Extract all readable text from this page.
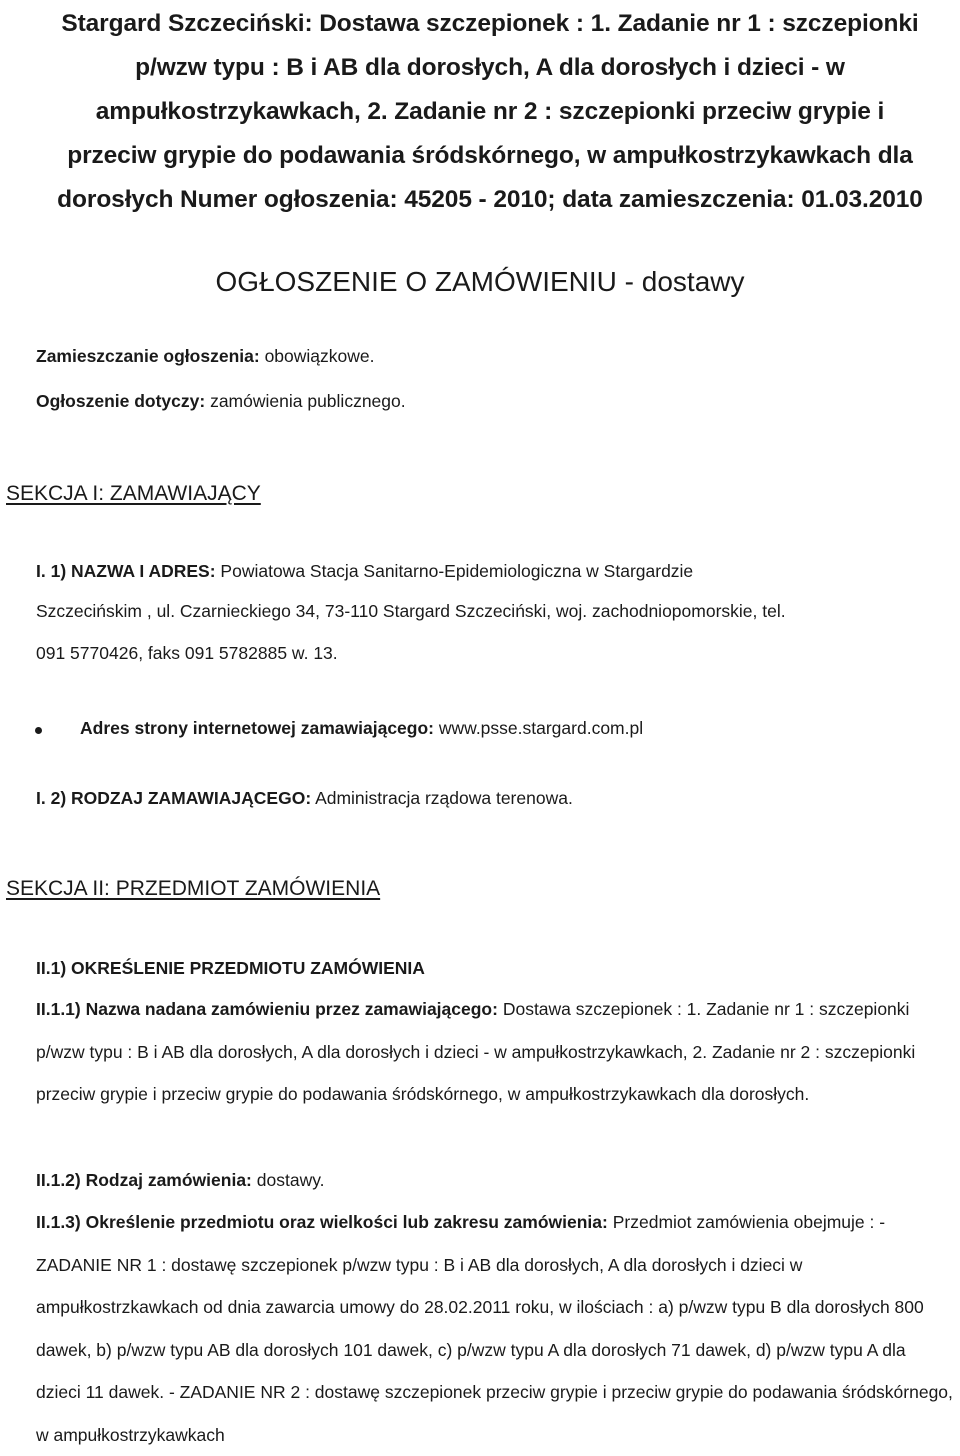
Stargard Szczeciński: Dostawa szczepionek : 1. Zadanie nr 1 : szczepionki p/wzw typu : B i AB dla dorosłych, A dla dorosłych i dzieci - w ampułkostrzykawkach, 2. Zadanie nr 2 : szczepionki przeciw grypie i przeciw grypie do podawania śródskórnego, w ampułkostrzykawkach dla dorosłych Numer ogłoszenia: 45205 - 2010; data zamieszczenia: 01.03.2010
OGŁOSZENIE O ZAMÓWIENIU - dostawy

Zamieszczanie ogłoszenia: obowiązkowe.

Ogłoszenie dotyczy: zamówienia publicznego.

SEKCJA I: ZAMAWIAJĄCY

I. 1) NAZWA I ADRES: Powiatowa Stacja Sanitarno-Epidemiologiczna w Stargardzie

Szczecińskim , ul. Czarnieckiego 34, 73-110 Stargard Szczeciński, woj. zachodniopomorskie, tel.

091 5770426, faks 091 5782885 w. 13.

Adres strony internetowej zamawiającego: www.psse.stargard.com.pl

I. 2) RODZAJ ZAMAWIAJĄCEGO: Administracja rządowa terenowa.

SEKCJA II: PRZEDMIOT ZAMÓWIENIA

II.1) OKREŚLENIE PRZEDMIOTU ZAMÓWIENIA

II.1.1) Nazwa nadana zamówieniu przez zamawiającego: Dostawa szczepionek : 1. Zadanie nr 1 : szczepionki p/wzw typu : B i AB dla dorosłych, A dla dorosłych i dzieci - w ampułkostrzykawkach, 2. Zadanie nr 2 : szczepionki przeciw grypie i przeciw grypie do podawania śródskórnego, w ampułkostrzykawkach dla dorosłych.

II.1.2) Rodzaj zamówienia: dostawy.

II.1.3) Określenie przedmiotu oraz wielkości lub zakresu zamówienia: Przedmiot zamówienia obejmuje : - ZADANIE NR 1 : dostawę szczepionek p/wzw typu : B i AB dla dorosłych, A dla dorosłych i dzieci w ampułkostrzkawkach od dnia zawarcia umowy do 28.02.2011 roku, w ilościach : a) p/wzw typu B dla dorosłych 800 dawek, b) p/wzw typu AB dla dorosłych 101 dawek, c) p/wzw typu A dla dorosłych 71 dawek, d) p/wzw typu A dla dzieci 11 dawek. - ZADANIE NR 2 : dostawę szczepionek przeciw grypie i przeciw grypie do podawania śródskórnego, w ampułkostrzykawkach
